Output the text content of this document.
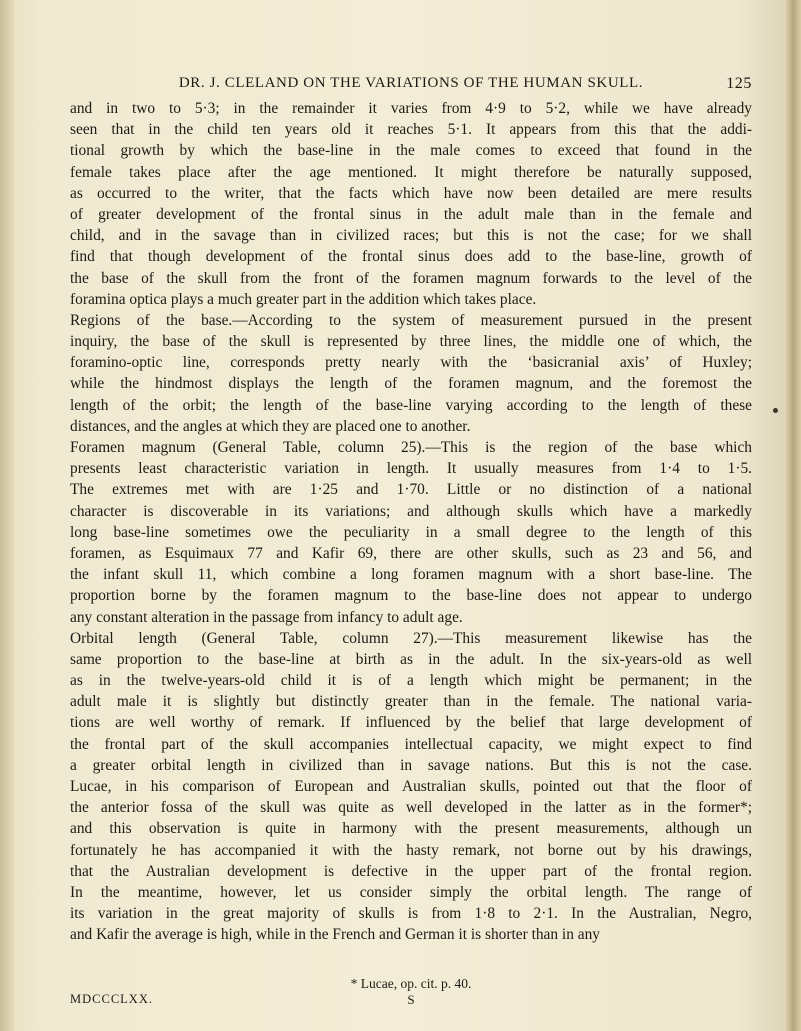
DR. J. CLELAND ON THE VARIATIONS OF THE HUMAN SKULL.	125
and in two to 5·3; in the remainder it varies from 4·9 to 5·2, while we have already
seen that in the child ten years old it reaches 5·1. It appears from this that the addi-
tional growth by which the base-line in the male comes to exceed that found in the
female takes place after the age mentioned. It might therefore be naturally supposed,
as occurred to the writer, that the facts which have now been detailed are mere results
of greater development of the frontal sinus in the adult male than in the female and
child, and in the savage than in civilized races; but this is not the case; for we shall
find that though development of the frontal sinus does add to the base-line, growth of
the base of the skull from the front of the foramen magnum forwards to the level of the
foramina optica plays a much greater part in the addition which takes place.
Regions of the base.—According to the system of measurement pursued in the present
inquiry, the base of the skull is represented by three lines, the middle one of which, the
foramino-optic line, corresponds pretty nearly with the ‘basicranial axis’ of Huxley;
while the hindmost displays the length of the foramen magnum, and the foremost the
length of the orbit; the length of the base-line varying according to the length of these
distances, and the angles at which they are placed one to another.
Foramen magnum (General Table, column 25).—This is the region of the base which
presents least characteristic variation in length. It usually measures from 1·4 to 1·5.
The extremes met with are 1·25 and 1·70. Little or no distinction of a national
character is discoverable in its variations; and although skulls which have a markedly
long base-line sometimes owe the peculiarity in a small degree to the length of this
foramen, as Esquimaux 77 and Kafir 69, there are other skulls, such as 23 and 56, and
the infant skull 11, which combine a long foramen magnum with a short base-line. The
proportion borne by the foramen magnum to the base-line does not appear to undergo
any constant alteration in the passage from infancy to adult age.
Orbital length (General Table, column 27).—This measurement likewise has the
same proportion to the base-line at birth as in the adult. In the six-years-old as well
as in the twelve-years-old child it is of a length which might be permanent; in the
adult male it is slightly but distinctly greater than in the female. The national varia-
tions are well worthy of remark. If influenced by the belief that large development of
the frontal part of the skull accompanies intellectual capacity, we might expect to find
a greater orbital length in civilized than in savage nations. But this is not the case.
Lucae, in his comparison of European and Australian skulls, pointed out that the floor of
the anterior fossa of the skull was quite as well developed in the latter as in the former*;
and this observation is quite in harmony with the present measurements, although un
fortunately he has accompanied it with the hasty remark, not borne out by his drawings,
that the Australian development is defective in the upper part of the frontal region.
In the meantime, however, let us consider simply the orbital length. The range of
its variation in the great majority of skulls is from 1·8 to 2·1. In the Australian, Negro,
and Kafir the average is high, while in the French and German it is shorter than in any
* Lucae, op. cit. p. 40.
MDCCCLXX.	S
